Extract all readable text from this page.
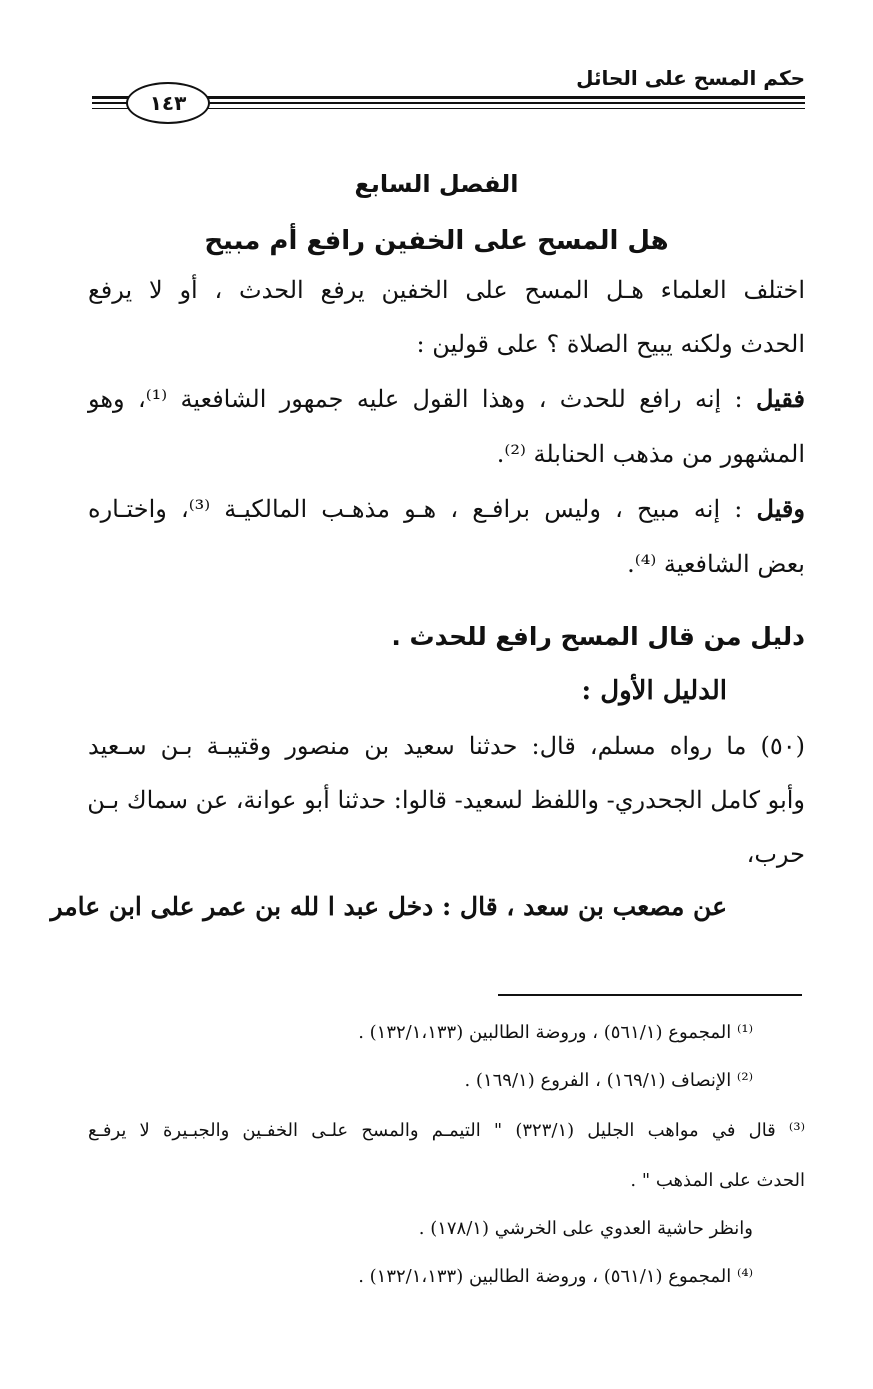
حكم المسح على الحائل
١٤٣
الفصل السابع
هل المسح على الخفين رافع أم مبيح
اختلف العلماء هـل المسح على الخفين يرفع الحدث ، أو لا يرفع
الحدث ولكنه يبيح الصلاة ؟ على قولين :
فقيل : إنه رافع للحدث ، وهذا القول عليه جمهور الشافعية ⁽¹⁾، وهو
المشهور من مذهب الحنابلة ⁽²⁾.
وقيل : إنه مبيح ، وليس برافـع ، هـو مذهـب المالكيـة ⁽³⁾، واختـاره
بعض الشافعية ⁽⁴⁾.
دليل من قال المسح رافع للحدث .
الدليل الأول :
(٥٠) ما رواه مسلم، قال: حدثنا سعيد بن منصور وقتيبـة بـن سـعيد
وأبو كامل الجحدري- واللفظ لسعيد- قالوا: حدثنا أبو عوانة، عن سماك بـن
حرب،
عن مصعب بن سعد ، قال : دخل عبد ا لله بن عمر على ابن عامر
⁽¹⁾ المجموع (٥٦١/١) ، وروضة الطالبين (١٣٢/١،١٣٣) .
⁽²⁾ الإنصاف (١٦٩/١) ، الفروع (١٦٩/١) .
⁽³⁾ قال في مواهب الجليل (٣٢٣/١) " التيمـم والمسح علـى الخفـين والجبـيرة لا يرفـع
الحدث على المذهب " .
وانظر حاشية العدوي على الخرشي (١٧٨/١) .
⁽⁴⁾ المجموع (٥٦١/١) ، وروضة الطالبين (١٣٢/١،١٣٣) .
